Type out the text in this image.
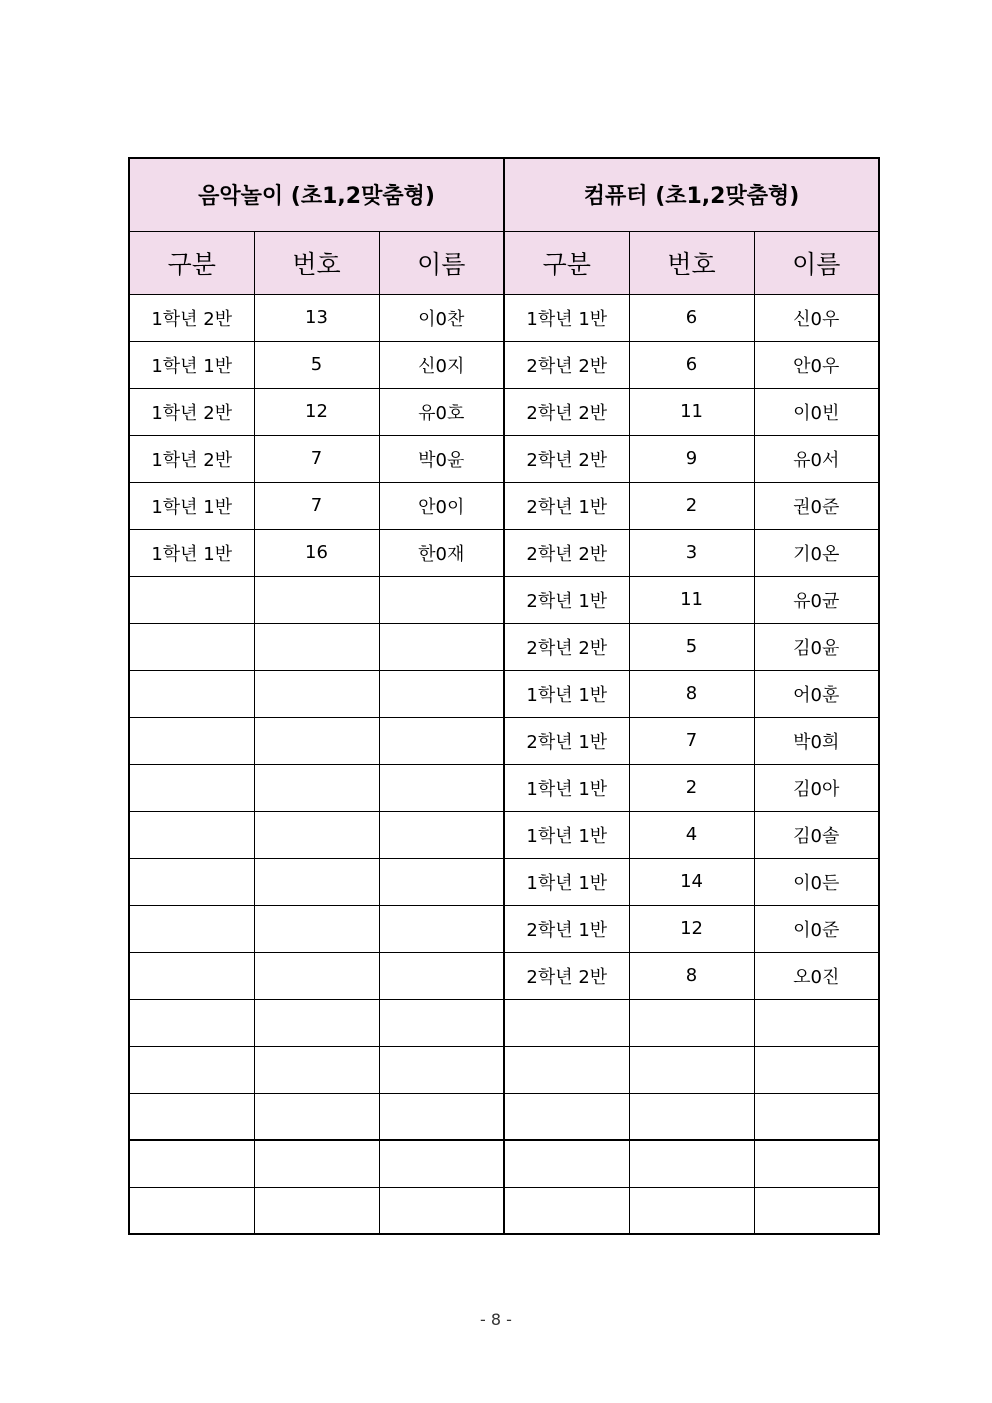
음악놀이 (초1,2맞춤형)			컴퓨터 (초1,2맞춤형)		
구분	번호	이름	구분	번호	이름
1학년 2반	13	이0찬	1학년 1반	6	신0우
1학년 1반	5	신0지	2학년 2반	6	안0우
1학년 2반	12	유0호	2학년 2반	11	이0빈
1학년 2반	7	박0윤	2학년 2반	9	유0서
1학년 1반	7	안0이	2학년 1반	2	권0준
1학년 1반	16	한0재	2학년 2반	3	기0온
			2학년 1반	11	유0균
			2학년 2반	5	김0윤
			1학년 1반	8	어0훈
			2학년 1반	7	박0희
			1학년 1반	2	김0아
			1학년 1반	4	김0솔
			1학년 1반	14	이0든
			2학년 1반	12	이0준
			2학년 2반	8	오0진

- 8 -
